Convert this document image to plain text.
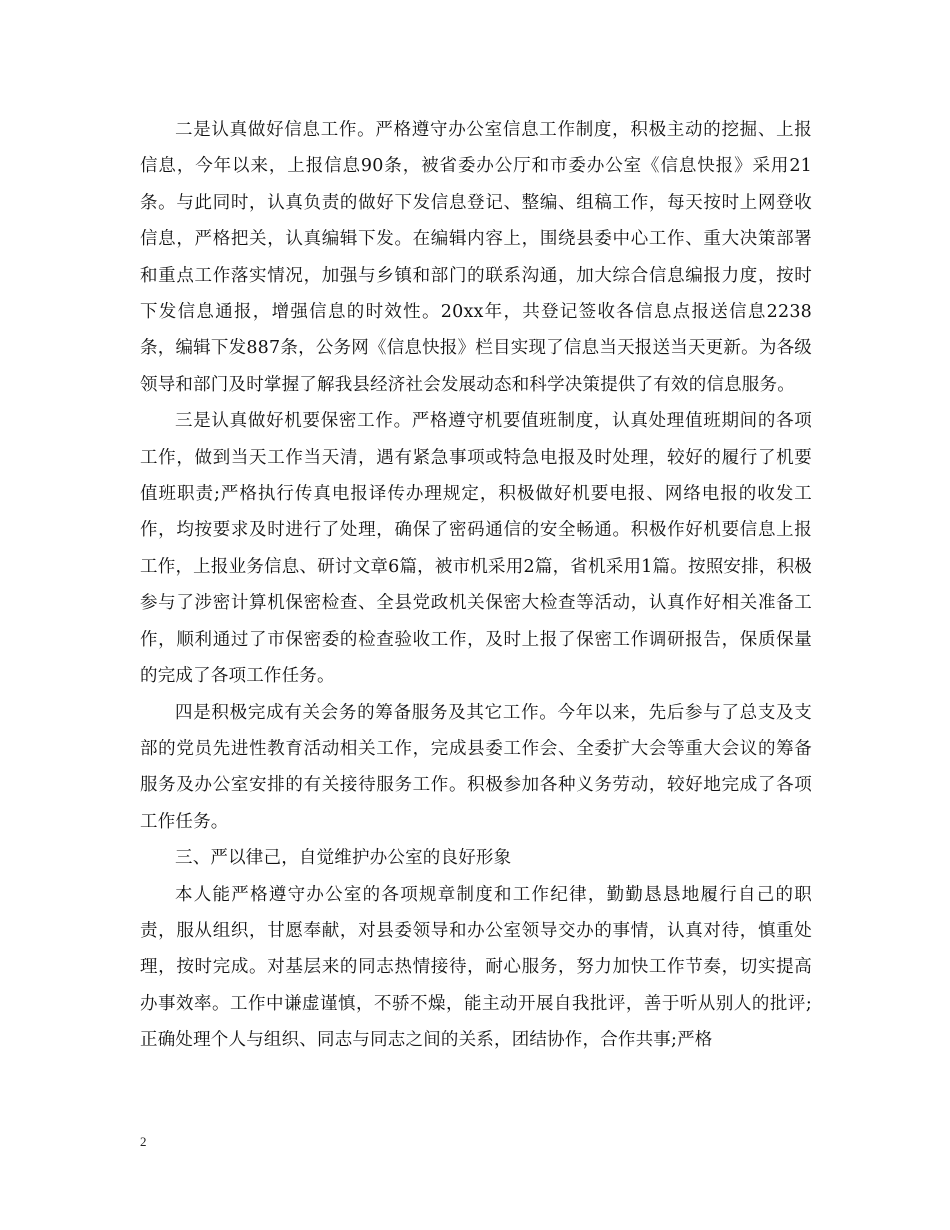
二是认真做好信息工作。严格遵守办公室信息工作制度，积极主动的挖掘、上报信息，今年以来，上报信息90条，被省委办公厅和市委办公室《信息快报》采用21条。与此同时，认真负责的做好下发信息登记、整编、组稿工作，每天按时上网登收信息，严格把关，认真编辑下发。在编辑内容上，围绕县委中心工作、重大决策部署和重点工作落实情况，加强与乡镇和部门的联系沟通，加大综合信息编报力度，按时下发信息通报，增强信息的时效性。20xx年，共登记签收各信息点报送信息2238条，编辑下发887条，公务网《信息快报》栏目实现了信息当天报送当天更新。为各级领导和部门及时掌握了解我县经济社会发展动态和科学决策提供了有效的信息服务。

三是认真做好机要保密工作。严格遵守机要值班制度，认真处理值班期间的各项工作，做到当天工作当天清，遇有紧急事项或特急电报及时处理，较好的履行了机要值班职责;严格执行传真电报译传办理规定，积极做好机要电报、网络电报的收发工作，均按要求及时进行了处理，确保了密码通信的安全畅通。积极作好机要信息上报工作，上报业务信息、研讨文章6篇，被市机采用2篇，省机采用1篇。按照安排，积极参与了涉密计算机保密检查、全县党政机关保密大检查等活动，认真作好相关准备工作，顺利通过了市保密委的检查验收工作，及时上报了保密工作调研报告，保质保量的完成了各项工作任务。

四是积极完成有关会务的筹备服务及其它工作。今年以来，先后参与了总支及支部的党员先进性教育活动相关工作，完成县委工作会、全委扩大会等重大会议的筹备服务及办公室安排的有关接待服务工作。积极参加各种义务劳动，较好地完成了各项工作任务。

三、严以律己，自觉维护办公室的良好形象

本人能严格遵守办公室的各项规章制度和工作纪律，勤勤恳恳地履行自己的职责，服从组织，甘愿奉献，对县委领导和办公室领导交办的事情，认真对待，慎重处理，按时完成。对基层来的同志热情接待，耐心服务，努力加快工作节奏，切实提高办事效率。工作中谦虚谨慎，不骄不燥，能主动开展自我批评，善于听从别人的批评;正确处理个人与组织、同志与同志之间的关系，团结协作，合作共事;严格

2
